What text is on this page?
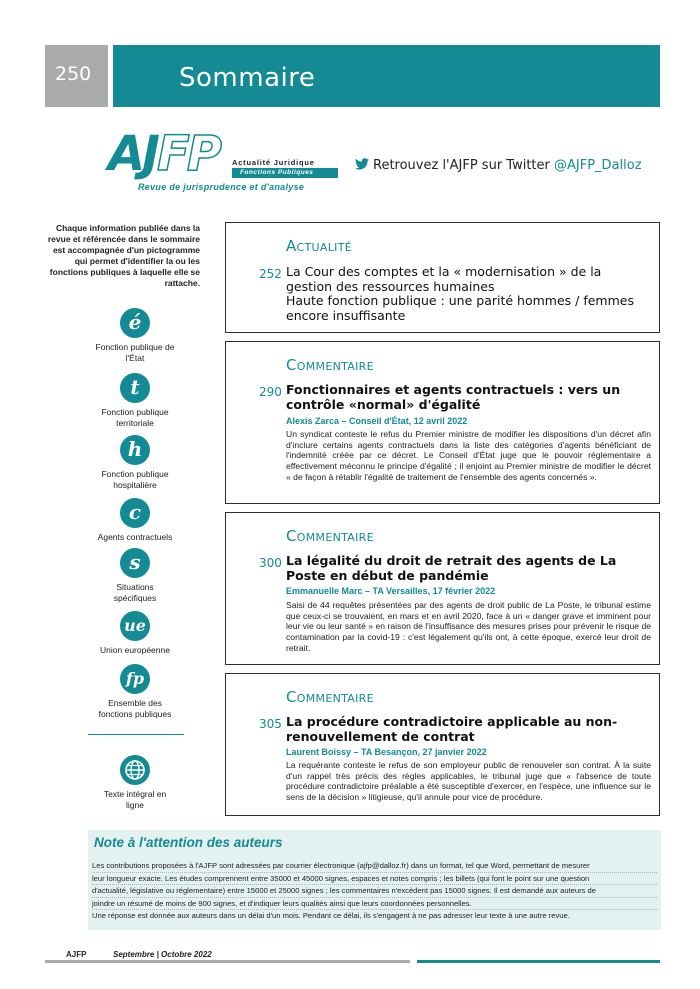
250	Sommaire
AJFP Actualité Juridique
Fonctions Publiques
Revue de jurisprudence et d'analyse
Retrouvez l'AJFP sur Twitter @AJFP_Dalloz
Chaque information publiée dans la revue et référencée dans le sommaire est accompagnée d'un pictogramme qui permet d'identifier la ou les fonctions publiques à laquelle elle se rattache.
é
Fonction publique de l'État
t
Fonction publique territoriale
h
Fonction publique hospitalière
c
Agents contractuels
s
Situations spécifiques
ue
Union européenne
fp
Ensemble des fonctions publiques
Texte intégral en ligne
Actualité
252 La Cour des comptes et la « modernisation » de la gestion des ressources humaines
Haute fonction publique : une parité hommes / femmes encore insuffisante
Commentaire
290 Fonctionnaires et agents contractuels : vers un contrôle «normal» d'égalité
Alexis Zarca – Conseil d'État, 12 avril 2022
Un syndicat conteste le refus du Premier ministre de modifier les dispositions d'un décret afin d'inclure certains agents contractuels dans la liste des catégories d'agents bénéficiant de l'indemnité créée par ce décret. Le Conseil d'État juge que le pouvoir réglementaire a effectivement méconnu le principe d'égalité ; il enjoint au Premier ministre de modifier le décret « de façon à rétablir l'égalité de traitement de l'ensemble des agents concernés ».
Commentaire
300 La légalité du droit de retrait des agents de La Poste en début de pandémie
Emmanuelle Marc – TA Versailles, 17 février 2022
Saisi de 44 requêtes présentées par des agents de droit public de La Poste, le tribunal estime que ceux-ci se trouvaient, en mars et en avril 2020, face à un « danger grave et imminent pour leur vie ou leur santé » en raison de l'insuffisance des mesures prises pour prévenir le risque de contamination par la covid-19 : c'est légalement qu'ils ont, à cette époque, exercé leur droit de retrait.
Commentaire
305 La procédure contradictoire applicable au non-renouvellement de contrat
Laurent Boissy – TA Besançon, 27 janvier 2022
La requérante conteste le refus de son employeur public de renouveler son contrat. À la suite d'un rappel très précis des règles applicables, le tribunal juge que « l'absence de toute procédure contradictoire préalable a été susceptible d'exercer, en l'espèce, une influence sur le sens de la décision » litigieuse, qu'il annule pour vice de procédure.
Note à l'attention des auteurs
Les contributions proposées à l'AJFP sont adressées par courrier électronique (ajfp@dalloz.fr) dans un format, tel que Word, permettant de mesurer
leur longueur exacte. Les études comprennent entre 35000 et 45000 signes, espaces et notes compris ; les billets (qui font le point sur une question
d'actualité, législative ou réglementaire) entre 15000 et 25000 signes ; les commentaires n'excèdent pas 15000 signes. Il est demandé aux auteurs de
joindre un résumé de moins de 900 signes, et d'indiquer leurs qualités ainsi que leurs coordonnées personnelles.
Une réponse est donnée aux auteurs dans un délai d'un mois. Pendant ce délai, ils s'engagent à ne pas adresser leur texte à une autre revue.
AJFP	Septembre | Octobre 2022
